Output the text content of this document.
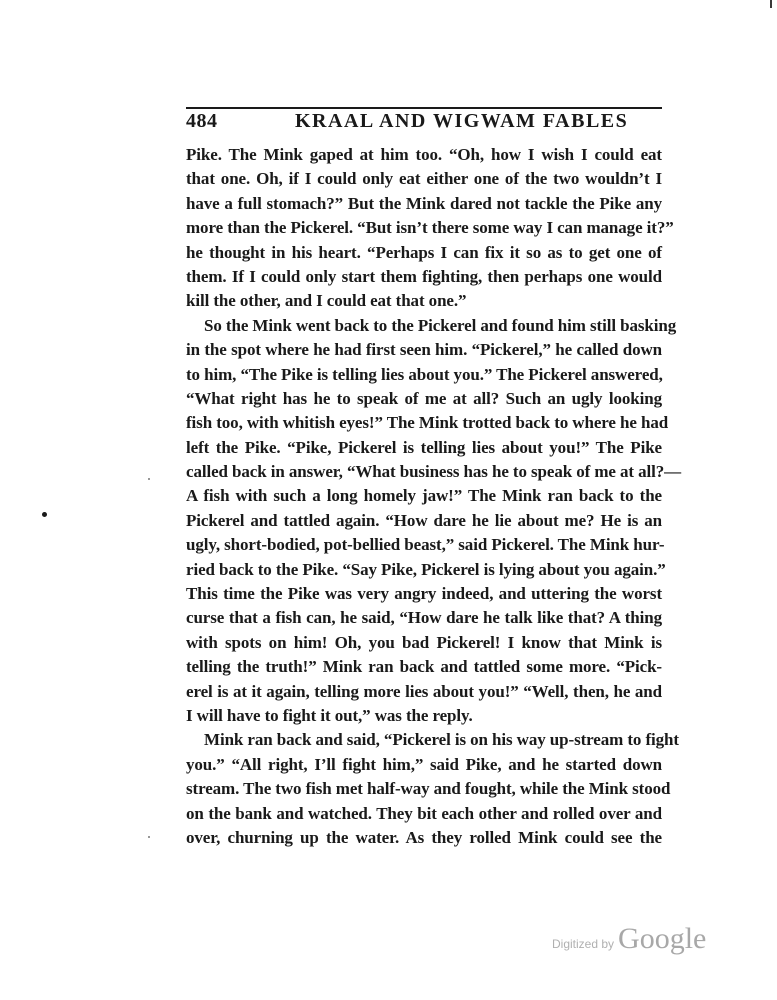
484	KRAAL AND WIGWAM FABLES
Pike. The Mink gaped at him too. “Oh, how I wish I could eat
that one. Oh, if I could only eat either one of the two wouldn’t I
have a full stomach?” But the Mink dared not tackle the Pike any
more than the Pickerel. “But isn’t there some way I can manage it?”
he thought in his heart. “Perhaps I can fix it so as to get one of
them. If I could only start them fighting, then perhaps one would
kill the other, and I could eat that one.”
So the Mink went back to the Pickerel and found him still basking
in the spot where he had first seen him. “Pickerel,” he called down
to him, “The Pike is telling lies about you.” The Pickerel answered,
“What right has he to speak of me at all? Such an ugly looking
fish too, with whitish eyes!” The Mink trotted back to where he had
left the Pike. “Pike, Pickerel is telling lies about you!” The Pike
called back in answer, “What business has he to speak of me at all?—
A fish with such a long homely jaw!” The Mink ran back to the
Pickerel and tattled again. “How dare he lie about me? He is an
ugly, short-bodied, pot-bellied beast,” said Pickerel. The Mink hur-
ried back to the Pike. “Say Pike, Pickerel is lying about you again.”
This time the Pike was very angry indeed, and uttering the worst
curse that a fish can, he said, “How dare he talk like that? A thing
with spots on him! Oh, you bad Pickerel! I know that Mink is
telling the truth!” Mink ran back and tattled some more. “Pick-
erel is at it again, telling more lies about you!” “Well, then, he and
I will have to fight it out,” was the reply.
Mink ran back and said, “Pickerel is on his way up-stream to fight
you.” “All right, I’ll fight him,” said Pike, and he started down
stream. The two fish met half-way and fought, while the Mink stood
on the bank and watched. They bit each other and rolled over and
over, churning up the water. As they rolled Mink could see the
Digitized by Google
